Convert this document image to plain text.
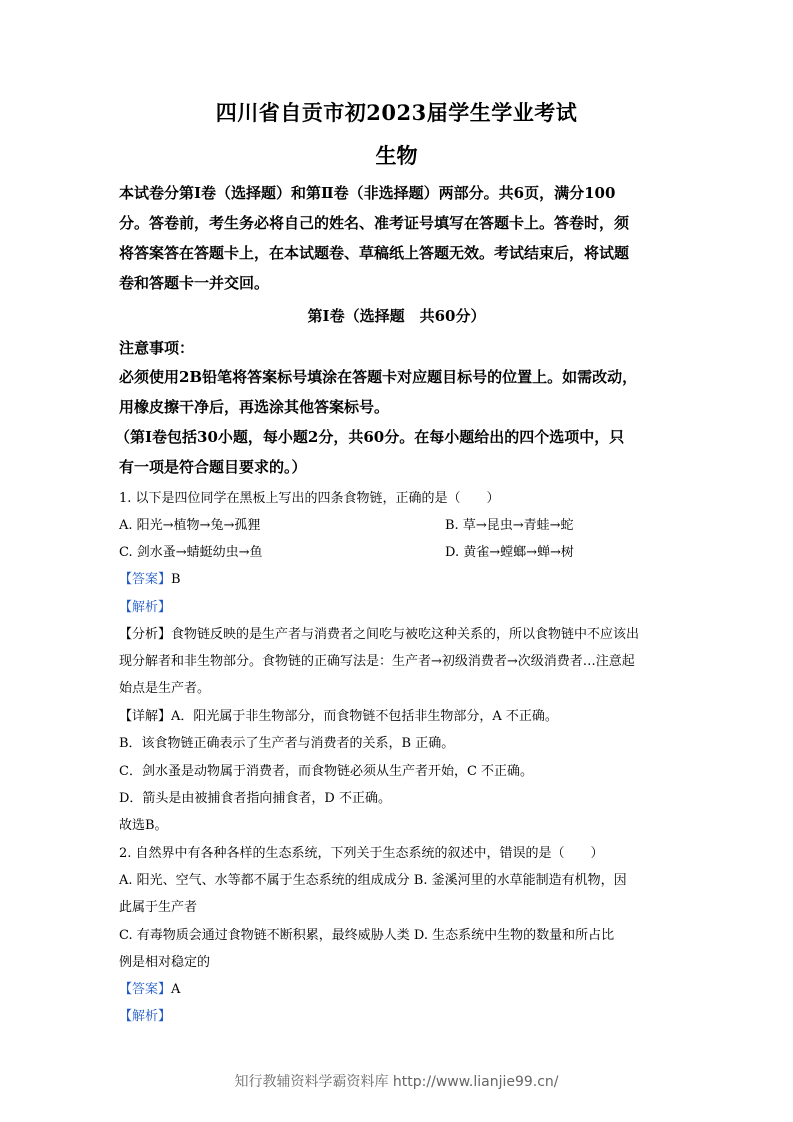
四川省自贡市初2023届学生学业考试
生物
本试卷分第Ⅰ卷（选择题）和第Ⅱ卷（非选择题）两部分。共6页，满分100
分。答卷前，考生务必将自己的姓名、准考证号填写在答题卡上。答卷时，须
将答案答在答题卡上，在本试题卷、草稿纸上答题无效。考试结束后，将试题
卷和答题卡一并交回。
第Ⅰ卷（选择题　共60分）
注意事项：
必须使用2B铅笔将答案标号填涂在答题卡对应题目标号的位置上。如需改动，
用橡皮擦干净后，再选涂其他答案标号。
（第Ⅰ卷包括30小题，每小题2分，共60分。在每小题给出的四个选项中，只
有一项是符合题目要求的。）
1. 以下是四位同学在黑板上写出的四条食物链，正确的是（　　）
A. 阳光→植物→兔→孤狸	B. 草→昆虫→青蛙→蛇
C. 剑水蚤→蜻蜓幼虫→鱼	D. 黄雀→螳螂→蝉→树
【答案】B
【解析】
【分析】食物链反映的是生产者与消费者之间吃与被吃这种关系的，所以食物链中不应该出
现分解者和非生物部分。食物链的正确写法是：生产者→初级消费者→次级消费者…注意起
始点是生产者。
【详解】A．阳光属于非生物部分，而食物链不包括非生物部分，A 不正确。
B．该食物链正确表示了生产者与消费者的关系，B 正确。
C．剑水蚤是动物属于消费者，而食物链必须从生产者开始，C 不正确。
D．箭头是由被捕食者指向捕食者，D 不正确。
故选B。
2. 自然界中有各种各样的生态系统，下列关于生态系统的叙述中，错误的是（　　）
A. 阳光、空气、水等都不属于生态系统的组成成分 B. 釜溪河里的水草能制造有机物，因
此属于生产者
C. 有毒物质会通过食物链不断积累，最终威胁人类 D. 生态系统中生物的数量和所占比
例是相对稳定的
【答案】A
【解析】
知行教辅资料学霸资料库 http://www.lianjie99.cn/
